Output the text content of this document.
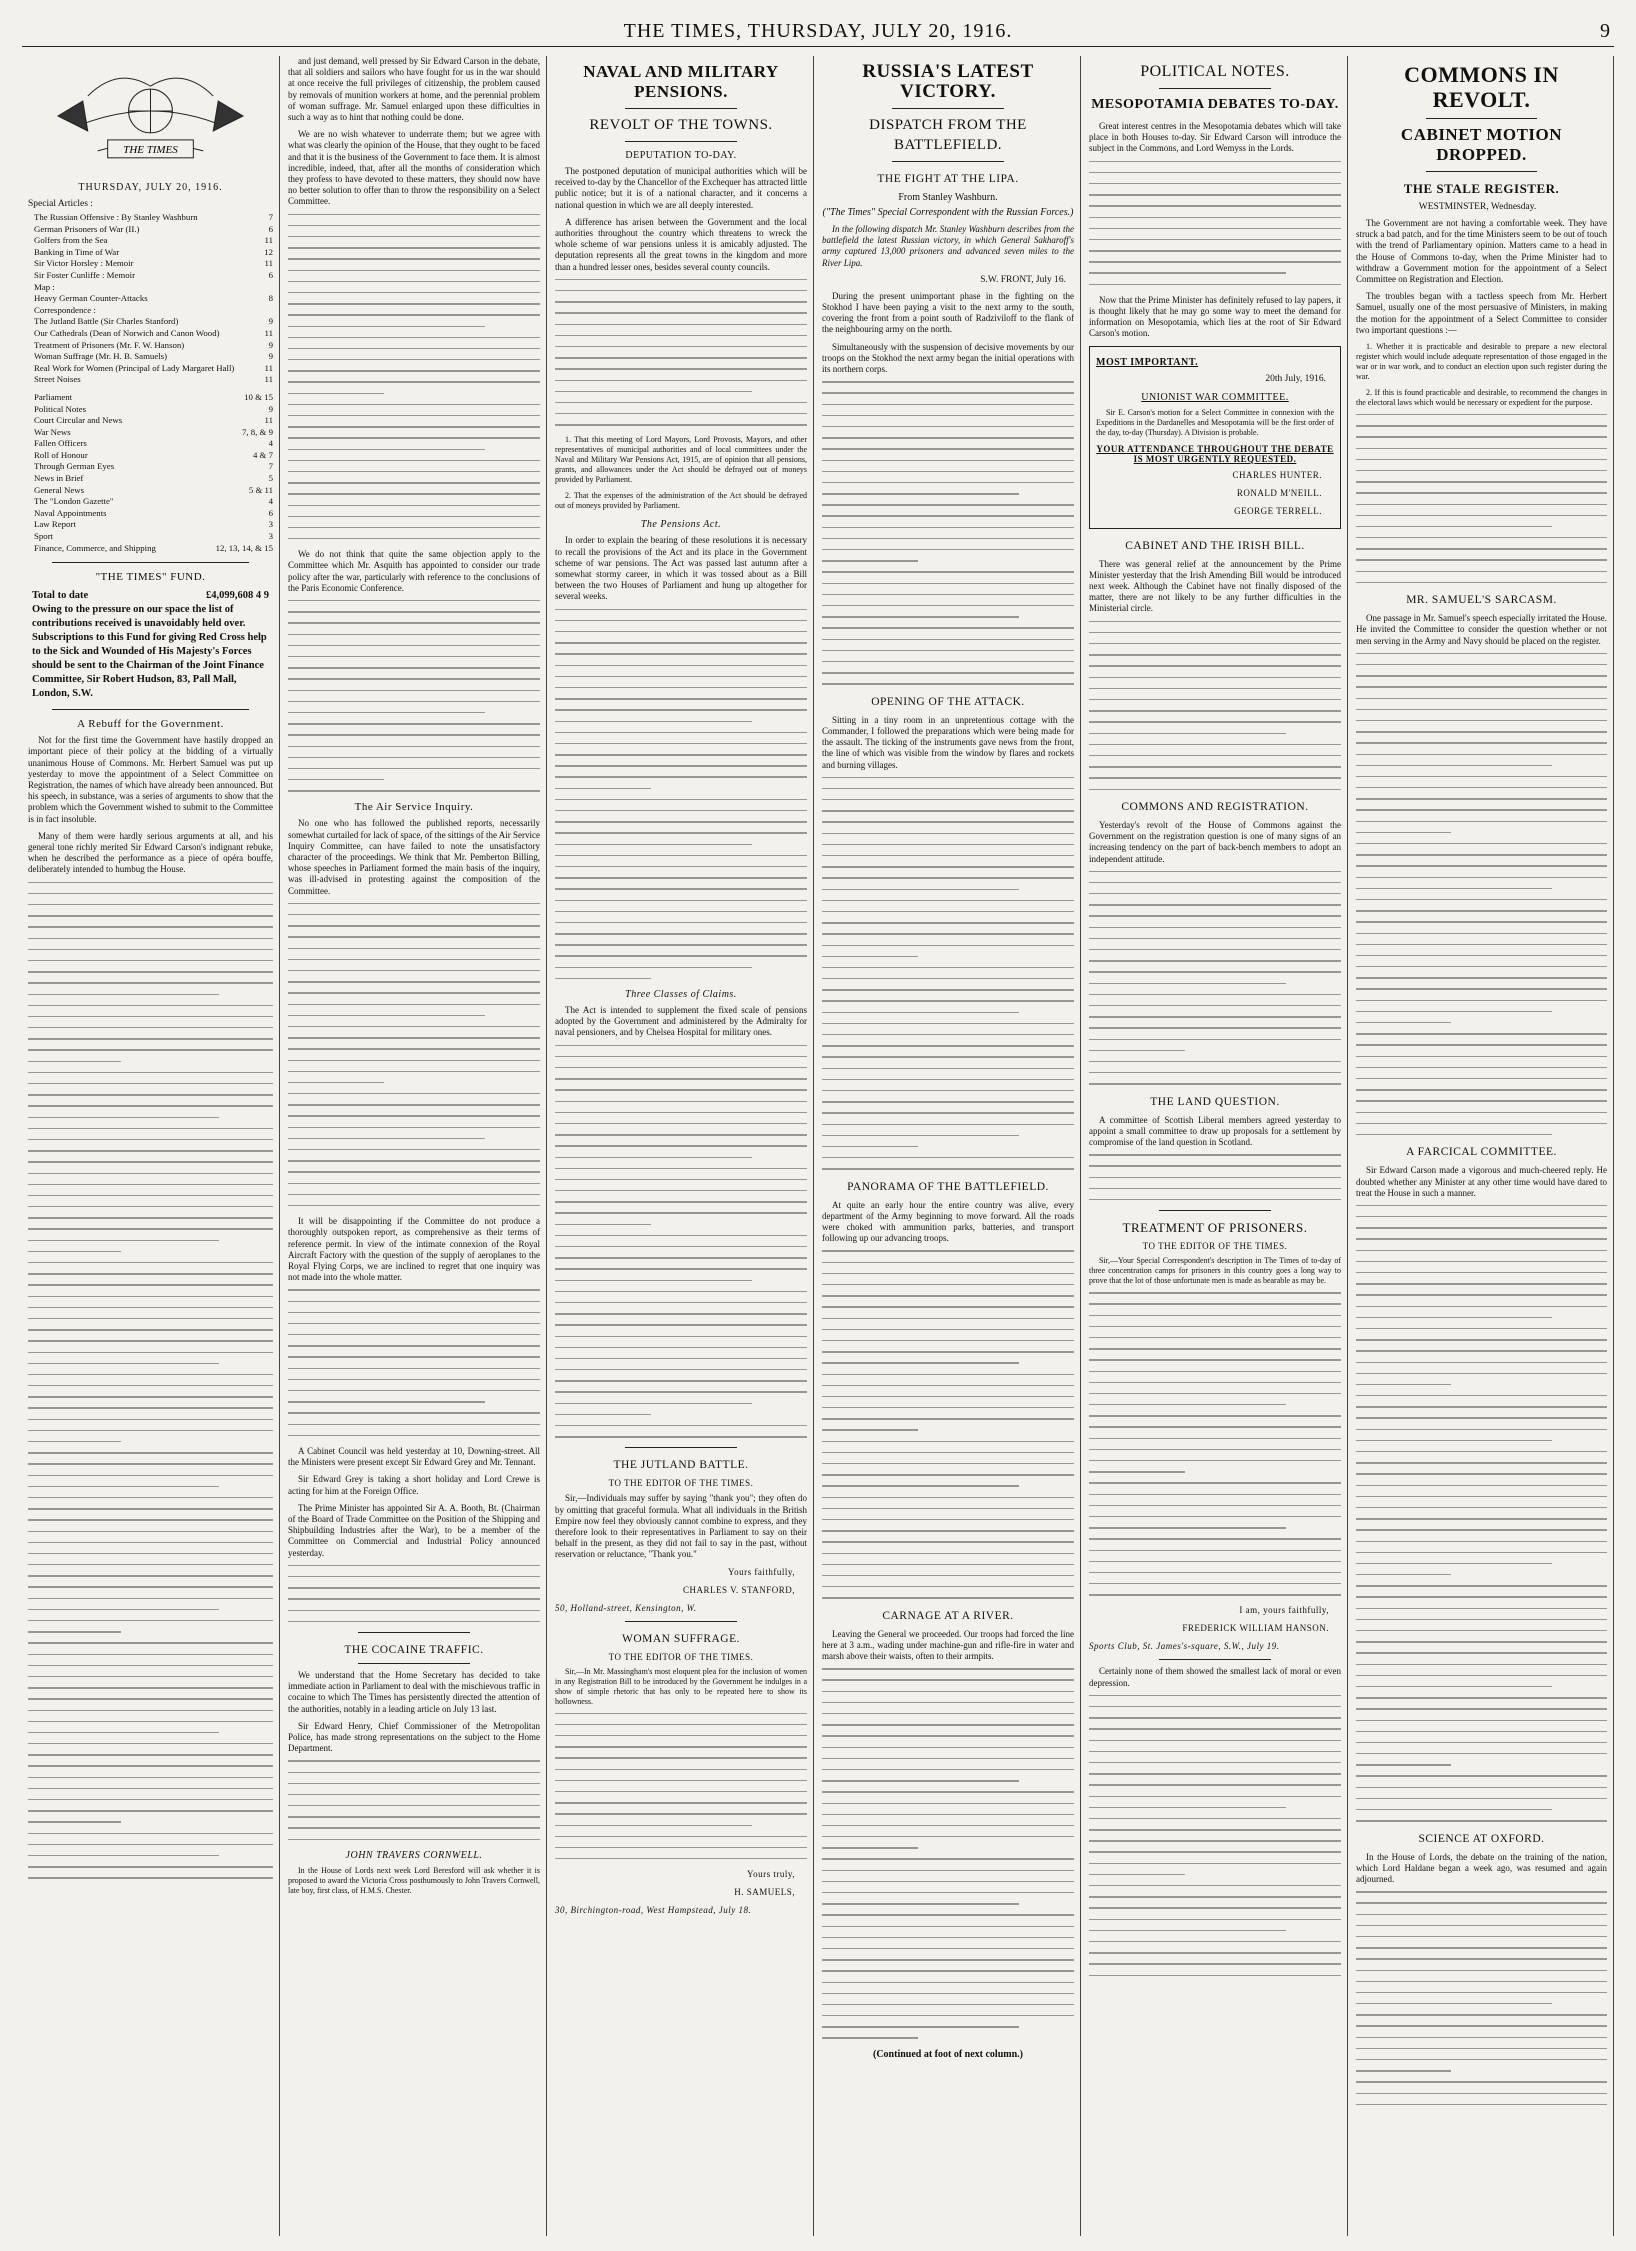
THE TIMES, THURSDAY, JULY 20, 1916.	9
THE TIMES
THURSDAY, JULY 20, 1916.
Special Articles :
The Russian Offensive : By Stanley Washburn	7
German Prisoners of War (II.)	6
Golfers from the Sea	11
Banking in Time of War	12
Sir Victor Horsley : Memoir	11
Sir Foster Cunliffe : Memoir	6
Map :
Heavy German Counter-Attacks	8
Correspondence :
The Jutland Battle (Sir Charles Stanford)	9
Our Cathedrals (Dean of Norwich and Canon Wood)	11
Treatment of Prisoners (Mr. F. W. Hanson)	9
Woman Suffrage (Mr. H. B. Samuels)	9
Real Work for Women (Principal of Lady Margaret Hall)	11
Street Noises	11
Parliament	10 & 15
Political Notes	9
Court Circular and News	11
War News	7, 8, & 9
Fallen Officers	4
Roll of Honour	4 & 7
Through German Eyes	7
News in Brief	5
General News	5 & 11
The "London Gazette"	4
Naval Appointments	6
Law Report	3
Sport	3
Finance, Commerce, and Shipping	12, 13, 14, & 15
"THE TIMES" FUND.
Total to date	£4,099,608 4 9
Owing to the pressure on our space the list of contributions received is unavoidably held over. Subscriptions to this Fund for giving Red Cross help to the Sick and Wounded of His Majesty's Forces should be sent to the Chairman of the Joint Finance Committee, Sir Robert Hudson, 83, Pall Mall, London, S.W.
A Rebuff for the Government.

Not for the first time the Government have hastily dropped an important piece of their policy at the bidding of a virtually unanimous House of Commons. Mr. Herbert Samuel was put up yesterday to move the appointment of a Select Committee on Registration, the names of which have already been announced. But his speech, in substance, was a series of arguments to show that the problem which the Government wished to submit to the Committee is in fact insoluble.

Many of them were hardly serious arguments at all, and his general tone richly merited Sir Edward Carson's indignant rebuke, when he described the performance as a piece of opéra bouffe, deliberately intended to humbug the House.

and just demand, well pressed by Sir Edward Carson in the debate, that all soldiers and sailors who have fought for us in the war should at once receive the full privileges of citizenship, the problem caused by removals of munition workers at home, and the perennial problem of woman suffrage. Mr. Samuel enlarged upon these difficulties in such a way as to hint that nothing could be done.

We are no wish whatever to underrate them; but we agree with what was clearly the opinion of the House, that they ought to be faced and that it is the business of the Government to face them. It is almost incredible, indeed, that, after all the months of consideration which they profess to have devoted to these matters, they should now have no better solution to offer than to throw the responsibility on a Select Committee.

We do not think that quite the same objection apply to the Committee which Mr. Asquith has appointed to consider our trade policy after the war, particularly with reference to the conclusions of the Paris Economic Conference.

The Air Service Inquiry.

No one who has followed the published reports, necessarily somewhat curtailed for lack of space, of the sittings of the Air Service Inquiry Committee, can have failed to note the unsatisfactory character of the proceedings. We think that Mr. Pemberton Billing, whose speeches in Parliament formed the main basis of the inquiry, was ill-advised in protesting against the composition of the Committee.

It will be disappointing if the Committee do not produce a thoroughly outspoken report, as comprehensive as their terms of reference permit. In view of the intimate connexion of the Royal Aircraft Factory with the question of the supply of aeroplanes to the Royal Flying Corps, we are inclined to regret that one inquiry was not made into the whole matter.

A Cabinet Council was held yesterday at 10, Downing-street. All the Ministers were present except Sir Edward Grey and Mr. Tennant.

Sir Edward Grey is taking a short holiday and Lord Crewe is acting for him at the Foreign Office.

The Prime Minister has appointed Sir A. A. Booth, Bt. (Chairman of the Board of Trade Committee on the Position of the Shipping and Shipbuilding Industries after the War), to be a member of the Committee on Commercial and Industrial Policy announced yesterday.

THE COCAINE TRAFFIC.

We understand that the Home Secretary has decided to take immediate action in Parliament to deal with the mischievous traffic in cocaine to which The Times has persistently directed the attention of the authorities, notably in a leading article on July 13 last.

Sir Edward Henry, Chief Commissioner of the Metropolitan Police, has made strong representations on the subject to the Home Department.

JOHN TRAVERS CORNWELL.

In the House of Lords next week Lord Beresford will ask whether it is proposed to award the Victoria Cross posthumously to John Travers Cornwell, late boy, first class, of H.M.S. Chester.

NAVAL AND MILITARY PENSIONS.
REVOLT OF THE TOWNS.
DEPUTATION TO-DAY.

The postponed deputation of municipal authorities which will be received to-day by the Chancellor of the Exchequer has attracted little public notice; but it is of a national character, and it concerns a national question in which we are all deeply interested.

A difference has arisen between the Government and the local authorities throughout the country which threatens to wreck the whole scheme of war pensions unless it is amicably adjusted. The deputation represents all the great towns in the kingdom and more than a hundred lesser ones, besides several county councils.

1. That this meeting of Lord Mayors, Lord Provosts, Mayors, and other representatives of municipal authorities and of local committees under the Naval and Military War Pensions Act, 1915, are of opinion that all pensions, grants, and allowances under the Act should be defrayed out of moneys provided by Parliament.

2. That the expenses of the administration of the Act should be defrayed out of moneys provided by Parliament.

The Pensions Act.

In order to explain the bearing of these resolutions it is necessary to recall the provisions of the Act and its place in the Government scheme of war pensions. The Act was passed last autumn after a somewhat stormy career, in which it was tossed about as a Bill between the two Houses of Parliament and hung up altogether for several weeks.

Three Classes of Claims.

The Act is intended to supplement the fixed scale of pensions adopted by the Government and administered by the Admiralty for naval pensioners, and by Chelsea Hospital for military ones.

THE JUTLAND BATTLE.
TO THE EDITOR OF THE TIMES.

Sir,—Individuals may suffer by saying "thank you"; they often do by omitting that graceful formula. What all individuals in the British Empire now feel they obviously cannot combine to express, and they therefore look to their representatives in Parliament to say on their behalf in the present, as they did not fail to say in the past, without reservation or reluctance, "Thank you."

Yours faithfully,
CHARLES V. STANFORD,
50, Holland-street, Kensington, W.
WOMAN SUFFRAGE.
TO THE EDITOR OF THE TIMES.

Sir,—In Mr. Massingham's most eloquent plea for the inclusion of women in any Registration Bill to be introduced by the Government he indulges in a show of simple rhetoric that has only to be repeated here to show its hollowness.

Yours truly,
H. SAMUELS,
30, Birchington-road, West Hampstead, July 18.
RUSSIA'S LATEST VICTORY.
DISPATCH FROM THE BATTLEFIELD.
THE FIGHT AT THE LIPA.
From Stanley Washburn.
("The Times" Special Correspondent with the Russian Forces.)

In the following dispatch Mr. Stanley Washburn describes from the battlefield the latest Russian victory, in which General Sakharoff's army captured 13,000 prisoners and advanced seven miles to the River Lipa.

S.W. FRONT, July 16.

During the present unimportant phase in the fighting on the Stokhod I have been paying a visit to the next army to the south, covering the front from a point south of Radziviloff to the flank of the neighbouring army on the north.

Simultaneously with the suspension of decisive movements by our troops on the Stokhod the next army began the initial operations with its northern corps.

OPENING OF THE ATTACK.

Sitting in a tiny room in an unpretentious cottage with the Commander, I followed the preparations which were being made for the assault. The ticking of the instruments gave news from the front, the line of which was visible from the window by flares and rockets and burning villages.

PANORAMA OF THE BATTLEFIELD.

At quite an early hour the entire country was alive, every department of the Army beginning to move forward. All the roads were choked with ammunition parks, batteries, and transport following up our advancing troops.

CARNAGE AT A RIVER.

Leaving the General we proceeded. Our troops had forced the line here at 3 a.m., wading under machine-gun and rifle-fire in water and marsh above their waists, often to their armpits.

(Continued at foot of next column.)
POLITICAL NOTES.
MESOPOTAMIA DEBATES TO-DAY.

Great interest centres in the Mesopotamia debates which will take place in both Houses to-day. Sir Edward Carson will introduce the subject in the Commons, and Lord Wemyss in the Lords.

Now that the Prime Minister has definitely refused to lay papers, it is thought likely that he may go some way to meet the demand for information on Mesopotamia, which lies at the root of Sir Edward Carson's motion.

MOST IMPORTANT.
20th July, 1916.
UNIONIST WAR COMMITTEE.

Sir E. Carson's motion for a Select Committee in connexion with the Expeditions in the Dardanelles and Mesopotamia will be the first order of the day, to-day (Thursday). A Division is probable.

YOUR ATTENDANCE THROUGHOUT THE DEBATE IS MOST URGENTLY REQUESTED.
CHARLES HUNTER.
RONALD M'NEILL.
GEORGE TERRELL.
CABINET AND THE IRISH BILL.

There was general relief at the announcement by the Prime Minister yesterday that the Irish Amending Bill would be introduced next week. Although the Cabinet have not finally disposed of the matter, there are not likely to be any further difficulties in the Ministerial circle.

COMMONS AND REGISTRATION.

Yesterday's revolt of the House of Commons against the Government on the registration question is one of many signs of an increasing tendency on the part of back-bench members to adopt an independent attitude.

THE LAND QUESTION.

A committee of Scottish Liberal members agreed yesterday to appoint a small committee to draw up proposals for a settlement by compromise of the land question in Scotland.

TREATMENT OF PRISONERS.
TO THE EDITOR OF THE TIMES.

Sir,—Your Special Correspondent's description in The Times of to-day of three concentration camps for prisoners in this country goes a long way to prove that the lot of those unfortunate men is made as bearable as may be.

I am, yours faithfully,
FREDERICK WILLIAM HANSON.
Sports Club, St. James's-square, S.W., July 19.

Certainly none of them showed the smallest lack of moral or even depression.

COMMONS IN REVOLT.
CABINET MOTION DROPPED.
THE STALE REGISTER.
WESTMINSTER, Wednesday.

The Government are not having a comfortable week. They have struck a bad patch, and for the time Ministers seem to be out of touch with the trend of Parliamentary opinion. Matters came to a head in the House of Commons to-day, when the Prime Minister had to withdraw a Government motion for the appointment of a Select Committee on Registration and Election.

The troubles began with a tactless speech from Mr. Herbert Samuel, usually one of the most persuasive of Ministers, in making the motion for the appointment of a Select Committee to consider two important questions :—

1. Whether it is practicable and desirable to prepare a new electoral register which would include adequate representation of those engaged in the war or in war work, and to conduct an election upon such register during the war.

2. If this is found practicable and desirable, to recommend the changes in the electoral laws which would be necessary or expedient for the purpose.

MR. SAMUEL'S SARCASM.

One passage in Mr. Samuel's speech especially irritated the House. He invited the Committee to consider the question whether or not men serving in the Army and Navy should be placed on the register.

A FARCICAL COMMITTEE.

Sir Edward Carson made a vigorous and much-cheered reply. He doubted whether any Minister at any other time would have dared to treat the House in such a manner.

SCIENCE AT OXFORD.

In the House of Lords, the debate on the training of the nation, which Lord Haldane began a week ago, was resumed and again adjourned.
